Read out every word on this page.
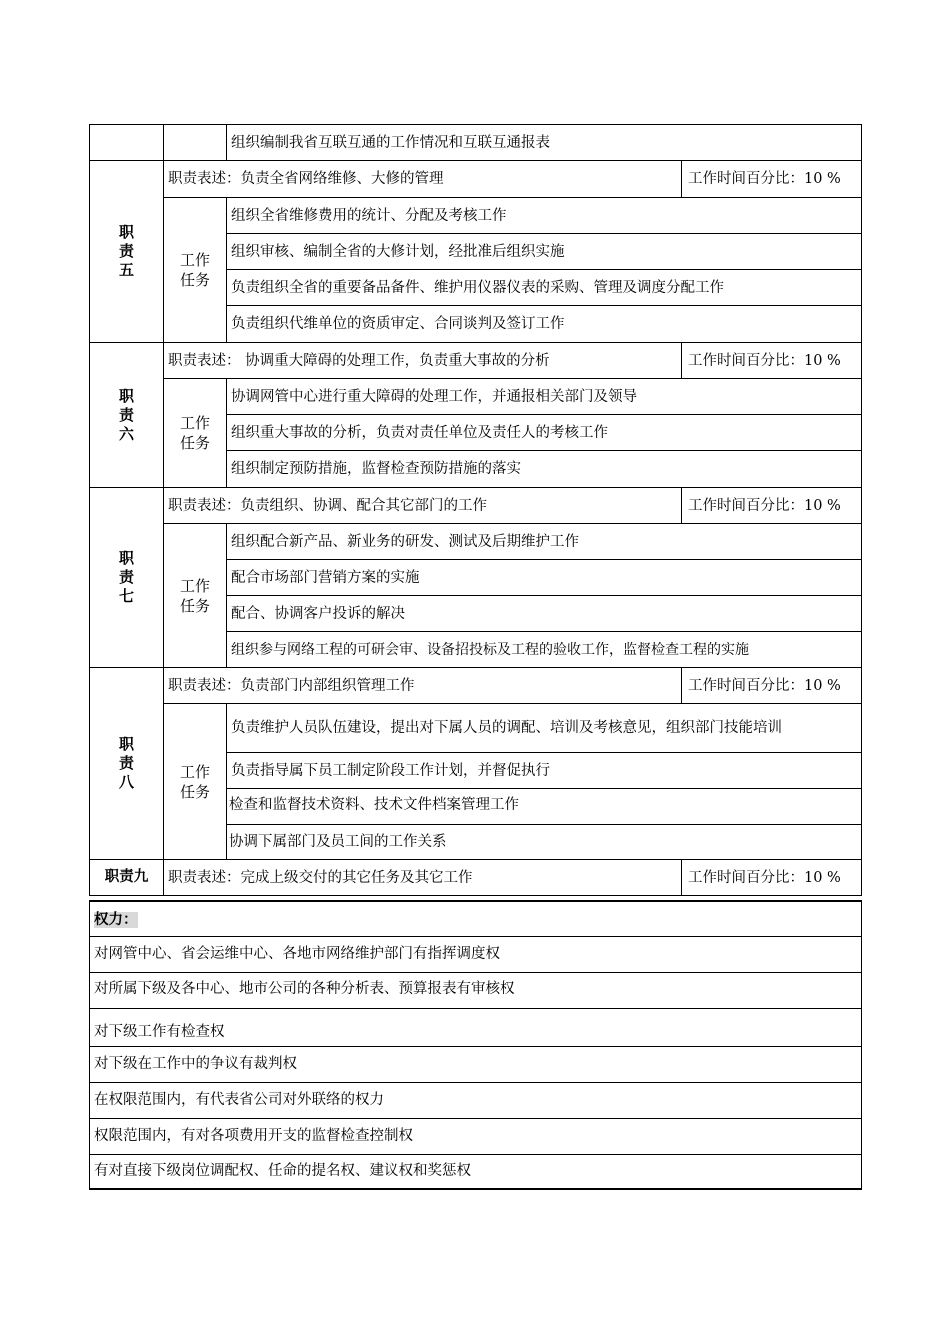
		组织编制我省互联互通的工作情况和互联互通报表	
职
责
五	职责表述：负责全省网络维修、大修的管理		工作时间百分比：10 %
	工作
任务	组织全省维修费用的统计、分配及考核工作	
		组织审核、编制全省的大修计划，经批准后组织实施	
		负责组织全省的重要备品备件、维护用仪器仪表的采购、管理及调度分配工作	
		负责组织代维单位的资质审定、合同谈判及签订工作	
职
责
六	职责表述： 协调重大障碍的处理工作，负责重大事故的分析		工作时间百分比：10 %
	工作
任务	协调网管中心进行重大障碍的处理工作，并通报相关部门及领导	
		组织重大事故的分析，负责对责任单位及责任人的考核工作	
		组织制定预防措施，监督检查预防措施的落实	
职
责
七	职责表述：负责组织、协调、配合其它部门的工作		工作时间百分比：10 %
	工作
任务	组织配合新产品、新业务的研发、测试及后期维护工作	
		配合市场部门营销方案的实施	
		配合、协调客户投诉的解决	
		组织参与网络工程的可研会审、设备招投标及工程的验收工作，监督检查工程的实施	
职
责
八	职责表述：负责部门内部组织管理工作		工作时间百分比：10 %
	工作
任务	负责维护人员队伍建设，提出对下属人员的调配、培训及考核意见，组织部门技能培训	
		负责指导属下员工制定阶段工作计划，并督促执行	
		检查和监督技术资料、技术文件档案管理工作	
		协调下属部门及员工间的工作关系	
职责九	职责表述：完成上级交付的其它任务及其它工作		工作时间百分比：10 %
权力：
对网管中心、省会运维中心、各地市网络维护部门有指挥调度权
对所属下级及各中心、地市公司的各种分析表、预算报表有审核权
对下级工作有检查权
对下级在工作中的争议有裁判权
在权限范围内，有代表省公司对外联络的权力
权限范围内，有对各项费用开支的监督检查控制权
有对直接下级岗位调配权、任命的提名权、建议权和奖惩权
